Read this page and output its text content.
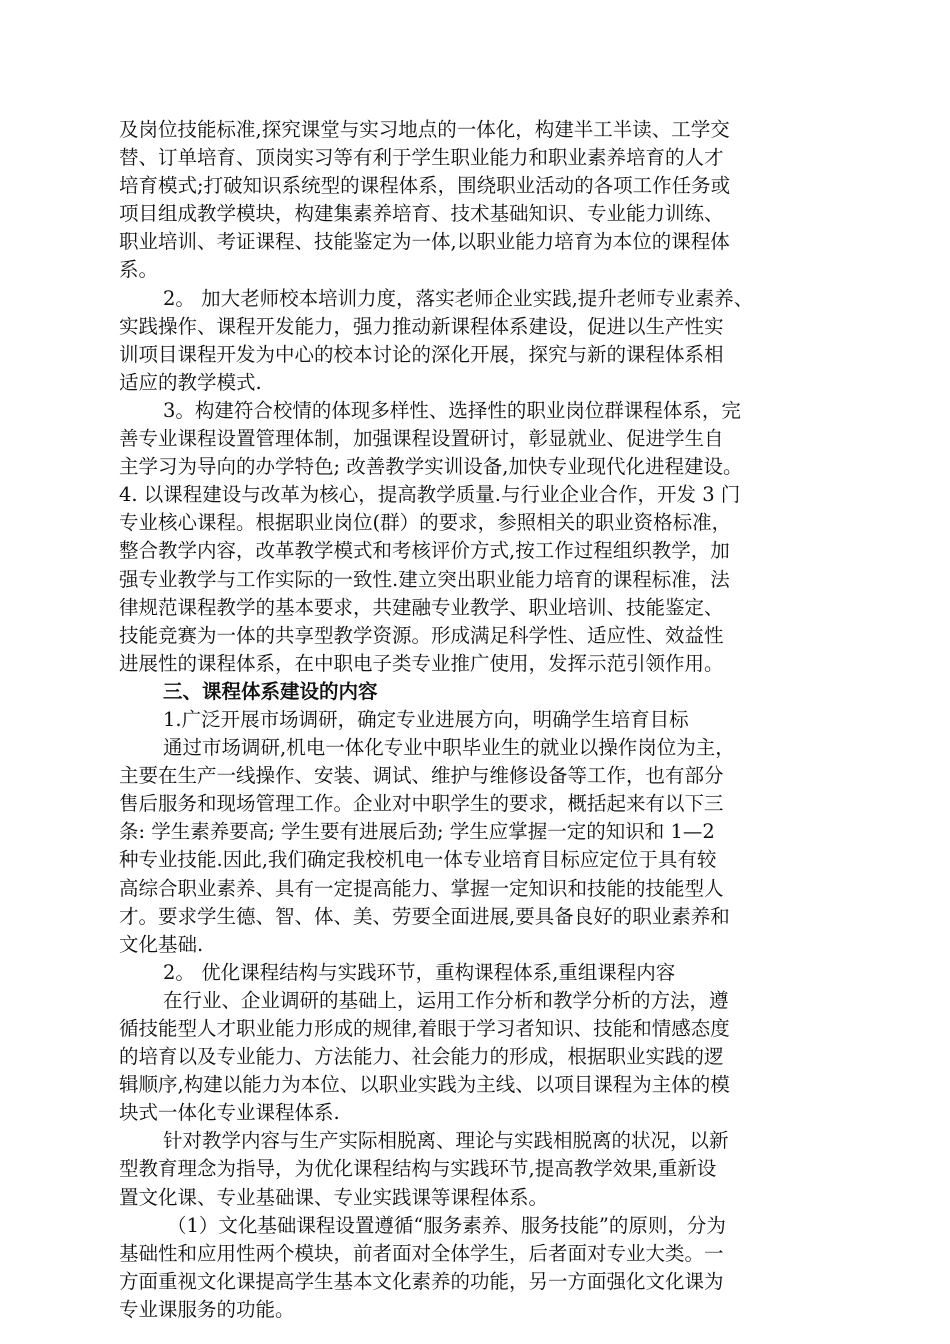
及岗位技能标准,探究课堂与实习地点的一体化，构建半工半读、工学交
替、订单培育、顶岗实习等有利于学生职业能力和职业素养培育的人才
培育模式;打破知识系统型的课程体系，围绕职业活动的各项工作任务或
项目组成教学模块，构建集素养培育、技术基础知识、专业能力训练、
职业培训、考证课程、技能鉴定为一体,以职业能力培育为本位的课程体
系。
2。 加大老师校本培训力度，落实老师企业实践,提升老师专业素养、
实践操作、课程开发能力，强力推动新课程体系建设，促进以生产性实
训项目课程开发为中心的校本讨论的深化开展，探究与新的课程体系相
适应的教学模式.
3。构建符合校情的体现多样性、选择性的职业岗位群课程体系，完
善专业课程设置管理体制，加强课程设置研讨，彰显就业、促进学生自
主学习为导向的办学特色; 改善教学实训设备,加快专业现代化进程建设。
4. 以课程建设与改革为核心，提高教学质量.与行业企业合作，开发 3 门
专业核心课程。根据职业岗位(群）的要求，参照相关的职业资格标准，
整合教学内容，改革教学模式和考核评价方式,按工作过程组织教学，加
强专业教学与工作实际的一致性.建立突出职业能力培育的课程标准，法
律规范课程教学的基本要求，共建融专业教学、职业培训、技能鉴定、
技能竞赛为一体的共享型教学资源。形成满足科学性、适应性、效益性
进展性的课程体系，在中职电子类专业推广使用，发挥示范引领作用。
三、课程体系建设的内容
1.广泛开展市场调研，确定专业进展方向，明确学生培育目标
通过市场调研,机电一体化专业中职毕业生的就业以操作岗位为主，
主要在生产一线操作、安装、调试、维护与维修设备等工作，也有部分
售后服务和现场管理工作。企业对中职学生的要求，概括起来有以下三
条: 学生素养要高; 学生要有进展后劲; 学生应掌握一定的知识和 1—2
种专业技能.因此,我们确定我校机电一体专业培育目标应定位于具有较
高综合职业素养、具有一定提高能力、掌握一定知识和技能的技能型人
才。要求学生德、智、体、美、劳要全面进展,要具备良好的职业素养和
文化基础.
2。 优化课程结构与实践环节，重构课程体系,重组课程内容
在行业、企业调研的基础上，运用工作分析和教学分析的方法，遵
循技能型人才职业能力形成的规律,着眼于学习者知识、技能和情感态度
的培育以及专业能力、方法能力、社会能力的形成，根据职业实践的逻
辑顺序,构建以能力为本位、以职业实践为主线、以项目课程为主体的模
块式一体化专业课程体系.
针对教学内容与生产实际相脱离、理论与实践相脱离的状况，以新
型教育理念为指导，为优化课程结构与实践环节,提高教学效果,重新设
置文化课、专业基础课、专业实践课等课程体系。
（1）文化基础课程设置遵循“服务素养、服务技能”的原则，分为
基础性和应用性两个模块，前者面对全体学生，后者面对专业大类。一
方面重视文化课提高学生基本文化素养的功能，另一方面强化文化课为
专业课服务的功能。
